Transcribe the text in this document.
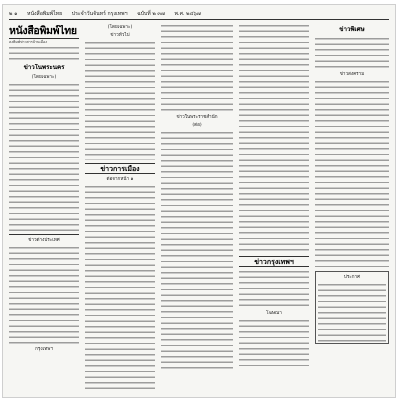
๒ ๑ หนังสือพิมพ์ไทย ประจำวันจันทร์ กรุงเทพฯ ฉบับที่ ๒ ๓๗ พ.ศ. ๒๔๖๗
หนังสือพิมพ์ไทย
ลงพิมพ์ข่าวสารบ้านเมือง
ข่าวในพระนคร
(โดยเฉพาะ)
ข่าวต่างประเทศ
กรุงเทพฯ
(โดยเฉพาะ)
ข่าวทั่วไป
ข่าวการเมือง
ต่อจากหน้า ๑
ข่าวในพระราชสำนัก
(ต่อ)
ข่าวกรุงเทพฯ
โฆษณา
ข่าวพิเศษ
ข่าวสงคราม
ประกาศ
